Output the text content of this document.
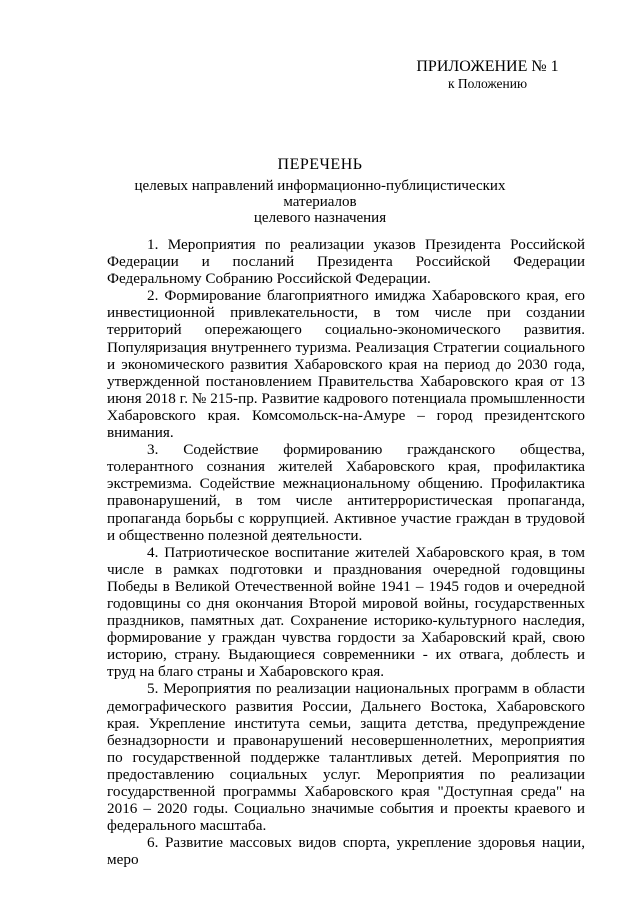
ПРИЛОЖЕНИЕ № 1
к Положению
ПЕРЕЧЕНЬ
целевых направлений информационно-публицистических материалов
целевого назначения

1. Мероприятия по реализации указов Президента Российской Федерации и посланий Президента Российской Федерации Федеральному Собранию Российской Федерации.

2. Формирование благоприятного имиджа Хабаровского края, его инвестиционной привлекательности, в том числе при создании территорий опережающего социально-экономического развития. Популяризация внутреннего туризма. Реализация Стратегии социального и экономического развития Хабаровского края на период до 2030 года, утвержденной постановлением Правительства Хабаровского края от 13 июня 2018 г. № 215-пр. Развитие кадрового потенциала промышленности Хабаровского края. Комсомольск-на-Амуре – город президентского внимания.

3. Содействие формированию гражданского общества, толерантного сознания жителей Хабаровского края, профилактика экстремизма. Содействие межнациональному общению. Профилактика правонарушений, в том числе антитеррористическая пропаганда, пропаганда борьбы с коррупцией. Активное участие граждан в трудовой и общественно полезной деятельности.

4. Патриотическое воспитание жителей Хабаровского края, в том числе в рамках подготовки и празднования очередной годовщины Победы в Великой Отечественной войне 1941 – 1945 годов и очередной годовщины со дня окончания Второй мировой войны, государственных праздников, памятных дат. Сохранение историко-культурного наследия, формирование у граждан чувства гордости за Хабаровский край, свою историю, страну. Выдающиеся современники - их отвага, доблесть и труд на благо страны и Хабаровского края.

5. Мероприятия по реализации национальных программ в области демографического развития России, Дальнего Востока, Хабаровского края. Укрепление института семьи, защита детства, предупреждение безнадзорности и правонарушений несовершеннолетних, мероприятия по государственной поддержке талантливых детей. Мероприятия по предоставлению социальных услуг. Мероприятия по реализации государственной программы Хабаровского края "Доступная среда" на 2016 – 2020 годы. Социально значимые события и проекты краевого и федерального масштаба.

6. Развитие массовых видов спорта, укрепление здоровья нации, меро
